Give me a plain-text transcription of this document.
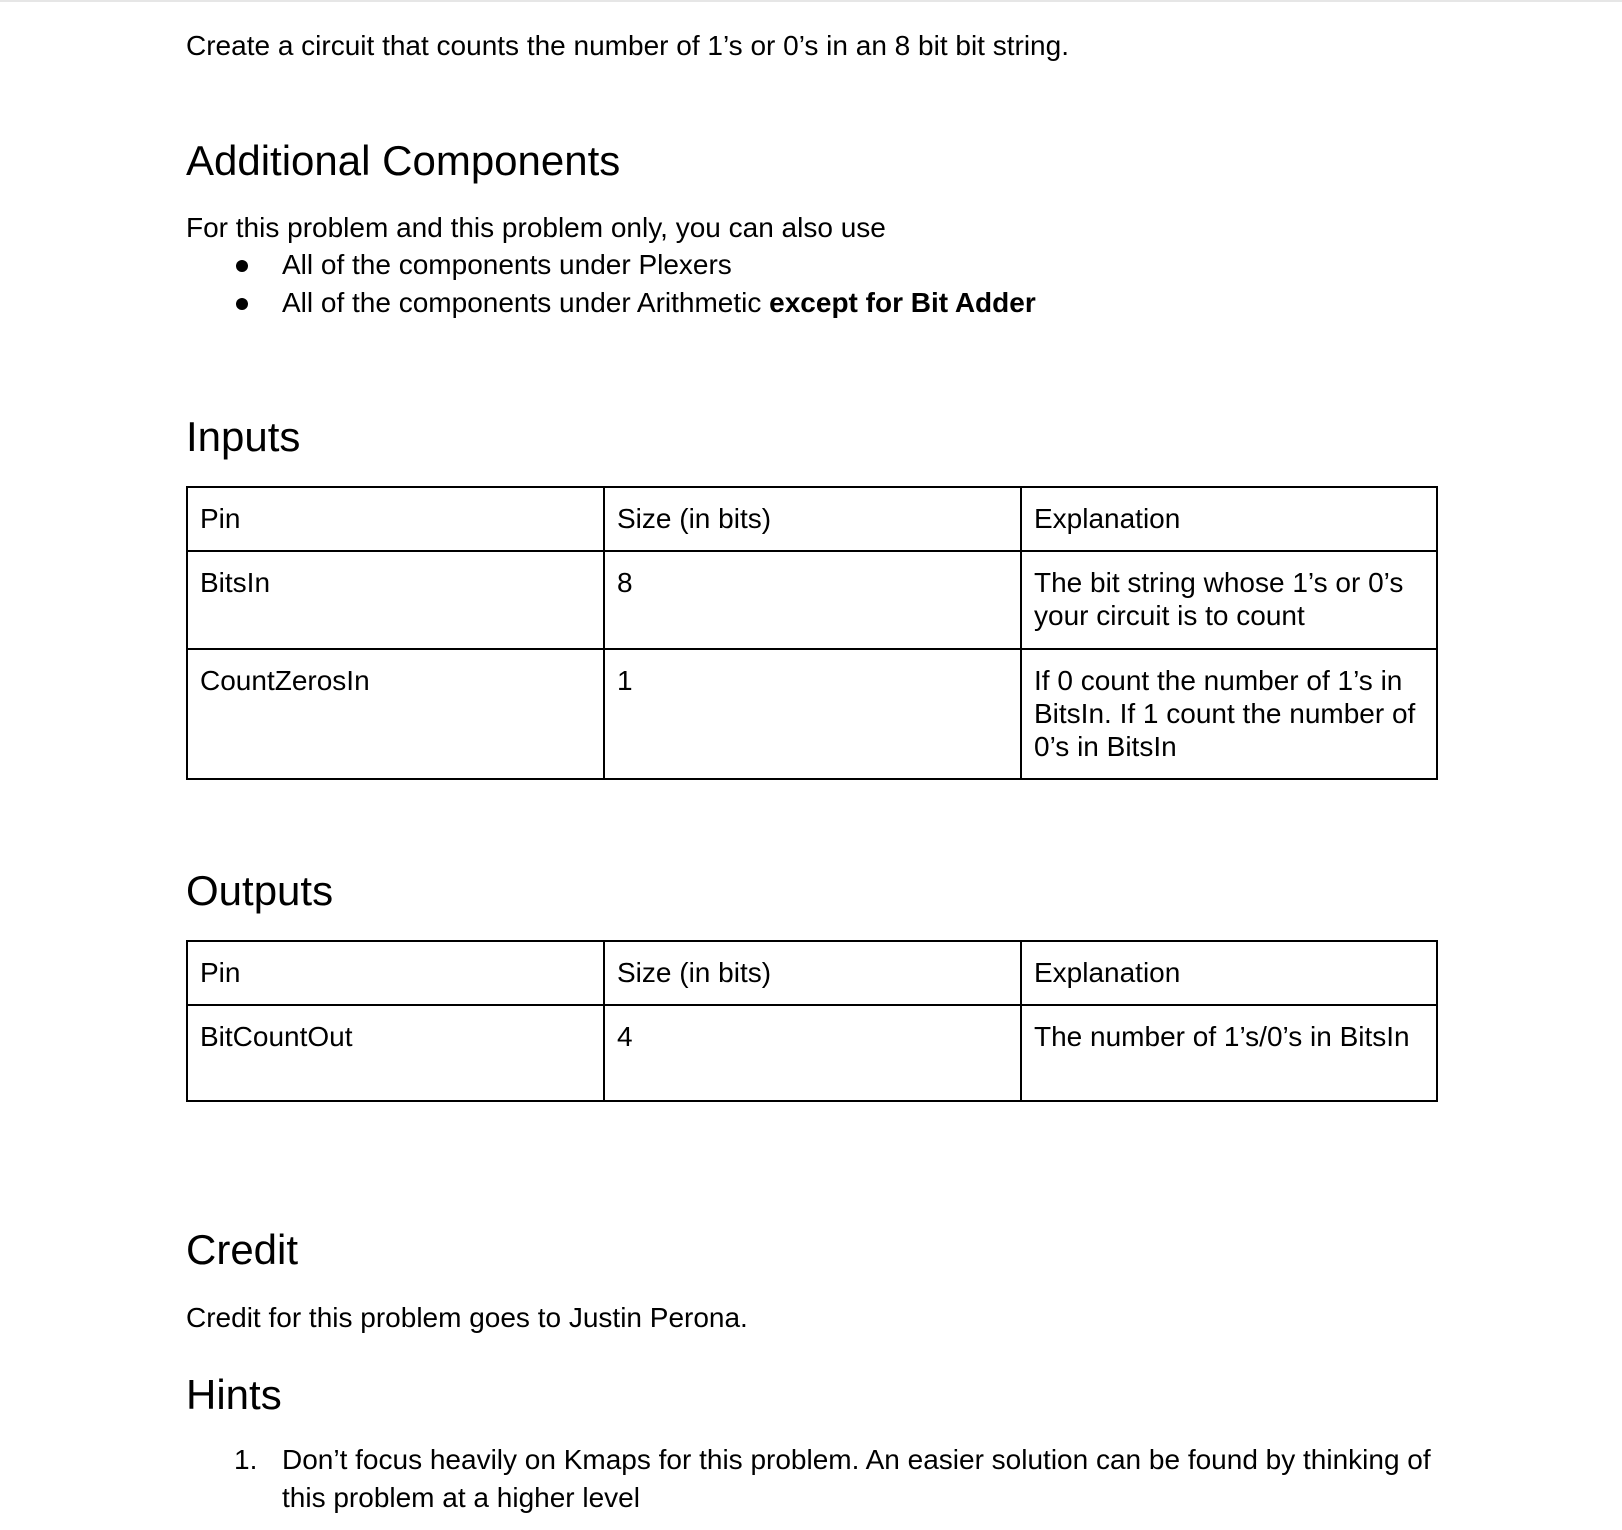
Create a circuit that counts the number of 1’s or 0’s in an 8 bit bit string.
Additional Components
For this problem and this problem only, you can also use
All of the components under Plexers
All of the components under Arithmetic except for Bit Adder
Inputs
Pin	Size (in bits)	Explanation
BitsIn	8	The bit string whose 1’s or 0’s your circuit is to count
CountZerosIn	1	If 0 count the number of 1’s in BitsIn. If 1 count the number of 0’s in BitsIn
Outputs
Pin	Size (in bits)	Explanation
BitCountOut	4	The number of 1’s/0’s in BitsIn
Credit
Credit for this problem goes to Justin Perona.
Hints
1. Don’t focus heavily on Kmaps for this problem. An easier solution can be found by thinking of this problem at a higher level
